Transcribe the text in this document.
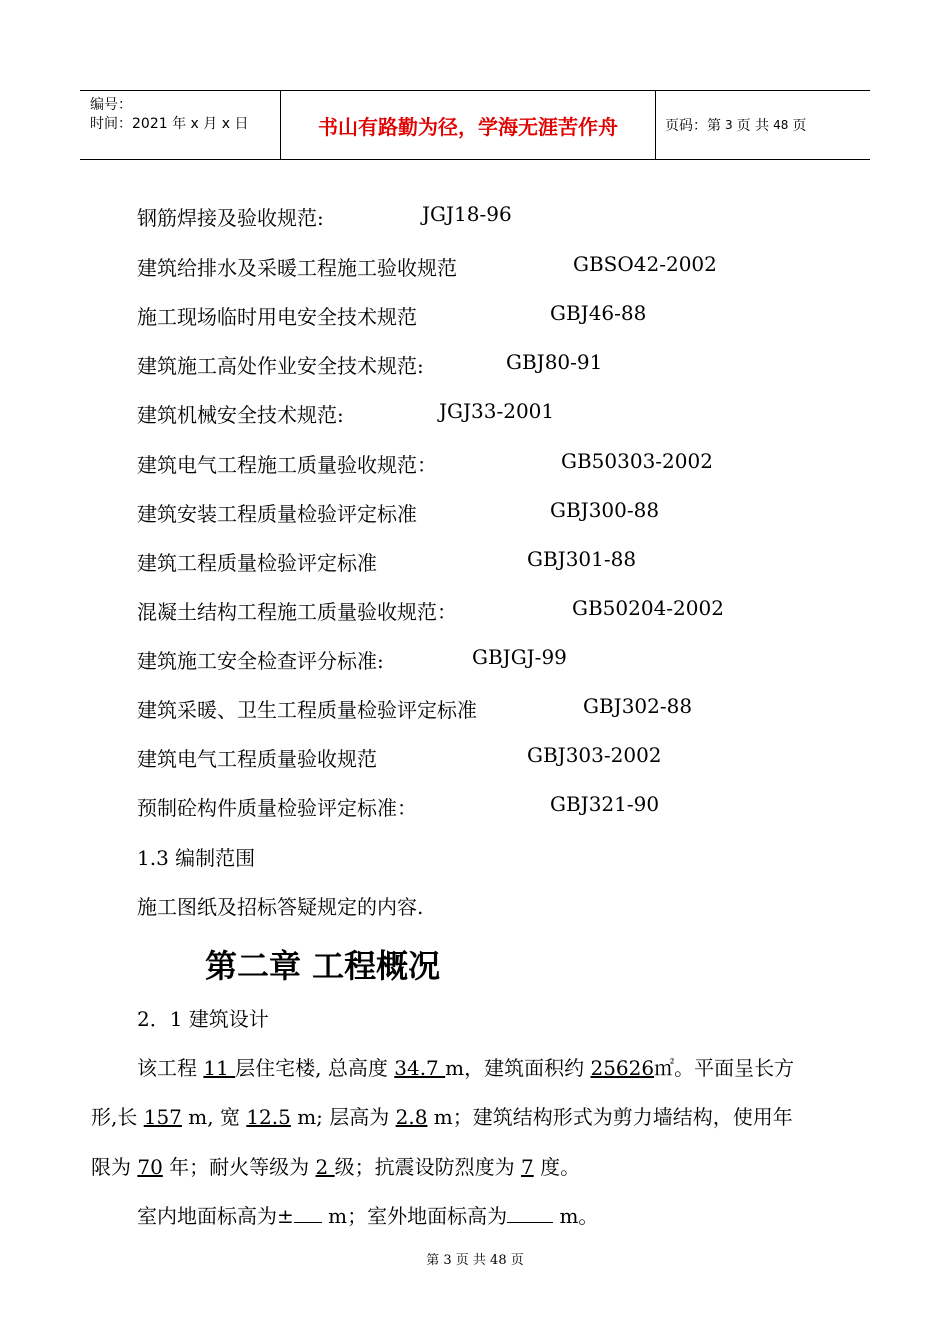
编号：
时间：2021 年 x 月 x 日	书山有路勤为径，学海无涯苦作舟	页码：第 3 页 共 48 页
钢筋焊接及验收规范:	JGJ18-96
建筑给排水及采暖工程施工验收规范	GBSO42-2002
施工现场临时用电安全技术规范	GBJ46-88
建筑施工高处作业安全技术规范:	GBJ80-91
建筑机械安全技术规范:	JGJ33-2001
建筑电气工程施工质量验收规范：	GB50303-2002
建筑安装工程质量检验评定标准	GBJ300-88
建筑工程质量检验评定标准	GBJ301-88
混凝土结构工程施工质量验收规范：	GB50204-2002
建筑施工安全检查评分标准:	GBJGJ-99
建筑采暖、卫生工程质量检验评定标准	GBJ302-88
建筑电气工程质量验收规范	GBJ303-2002
预制砼构件质量检验评定标准：	GBJ321-90
1.3 编制范围
施工图纸及招标答疑规定的内容.
第二章 工程概况
2．1 建筑设计
该工程 11 层住宅楼, 总高度 34.7 m，建筑面积约 25626㎡。平面呈长方
形,长 157 m, 宽 12.5 m; 层高为 2.8 m；建筑结构形式为剪力墙结构，使用年
限为 70 年；耐火等级为 2 级；抗震设防烈度为 7 度。
室内地面标高为± m；室外地面标高为 m。
第 3 页 共 48 页
